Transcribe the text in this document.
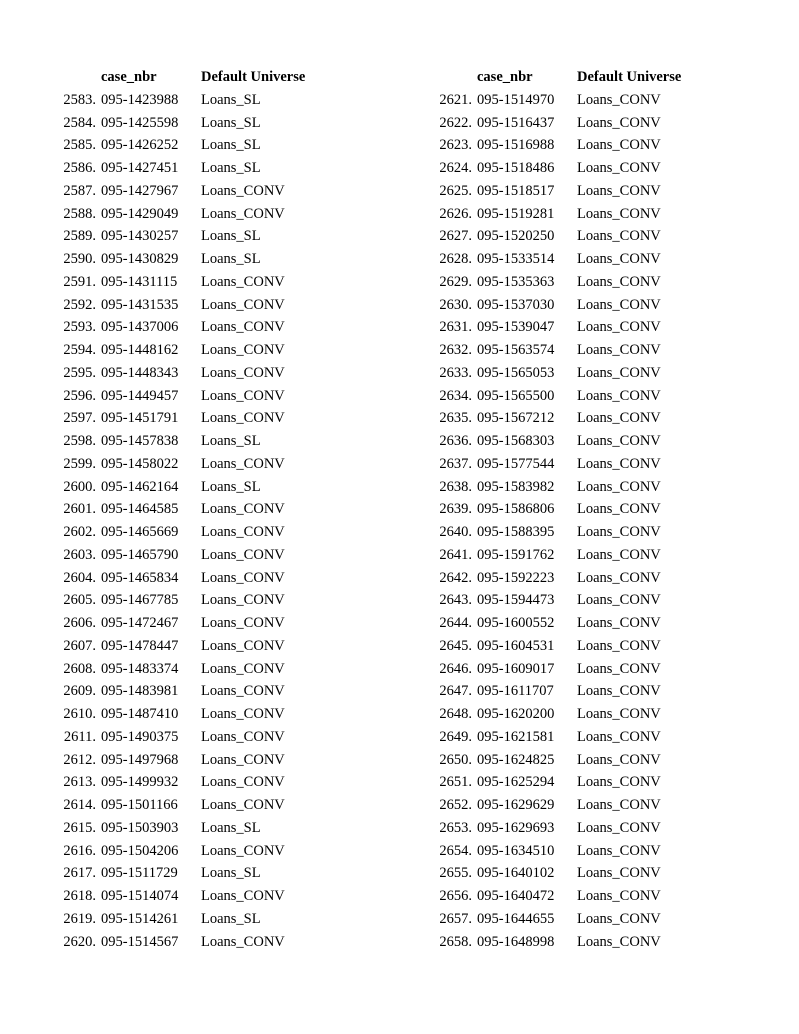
case_nbr	Default Universe
2583. 095-1423988 Loans_SL
2584. 095-1425598 Loans_SL
2585. 095-1426252 Loans_SL
2586. 095-1427451 Loans_SL
2587. 095-1427967 Loans_CONV
2588. 095-1429049 Loans_CONV
2589. 095-1430257 Loans_SL
2590. 095-1430829 Loans_SL
2591. 095-1431115 Loans_CONV
2592. 095-1431535 Loans_CONV
2593. 095-1437006 Loans_CONV
2594. 095-1448162 Loans_CONV
2595. 095-1448343 Loans_CONV
2596. 095-1449457 Loans_CONV
2597. 095-1451791 Loans_CONV
2598. 095-1457838 Loans_SL
2599. 095-1458022 Loans_CONV
2600. 095-1462164 Loans_SL
2601. 095-1464585 Loans_CONV
2602. 095-1465669 Loans_CONV
2603. 095-1465790 Loans_CONV
2604. 095-1465834 Loans_CONV
2605. 095-1467785 Loans_CONV
2606. 095-1472467 Loans_CONV
2607. 095-1478447 Loans_CONV
2608. 095-1483374 Loans_CONV
2609. 095-1483981 Loans_CONV
2610. 095-1487410 Loans_CONV
2611. 095-1490375 Loans_CONV
2612. 095-1497968 Loans_CONV
2613. 095-1499932 Loans_CONV
2614. 095-1501166 Loans_CONV
2615. 095-1503903 Loans_SL
2616. 095-1504206 Loans_CONV
2617. 095-1511729 Loans_SL
2618. 095-1514074 Loans_CONV
2619. 095-1514261 Loans_SL
2620. 095-1514567 Loans_CONV
case_nbr	Default Universe
2621. 095-1514970 Loans_CONV
2622. 095-1516437 Loans_CONV
2623. 095-1516988 Loans_CONV
2624. 095-1518486 Loans_CONV
2625. 095-1518517 Loans_CONV
2626. 095-1519281 Loans_CONV
2627. 095-1520250 Loans_CONV
2628. 095-1533514 Loans_CONV
2629. 095-1535363 Loans_CONV
2630. 095-1537030 Loans_CONV
2631. 095-1539047 Loans_CONV
2632. 095-1563574 Loans_CONV
2633. 095-1565053 Loans_CONV
2634. 095-1565500 Loans_CONV
2635. 095-1567212 Loans_CONV
2636. 095-1568303 Loans_CONV
2637. 095-1577544 Loans_CONV
2638. 095-1583982 Loans_CONV
2639. 095-1586806 Loans_CONV
2640. 095-1588395 Loans_CONV
2641. 095-1591762 Loans_CONV
2642. 095-1592223 Loans_CONV
2643. 095-1594473 Loans_CONV
2644. 095-1600552 Loans_CONV
2645. 095-1604531 Loans_CONV
2646. 095-1609017 Loans_CONV
2647. 095-1611707 Loans_CONV
2648. 095-1620200 Loans_CONV
2649. 095-1621581 Loans_CONV
2650. 095-1624825 Loans_CONV
2651. 095-1625294 Loans_CONV
2652. 095-1629629 Loans_CONV
2653. 095-1629693 Loans_CONV
2654. 095-1634510 Loans_CONV
2655. 095-1640102 Loans_CONV
2656. 095-1640472 Loans_CONV
2657. 095-1644655 Loans_CONV
2658. 095-1648998 Loans_CONV
